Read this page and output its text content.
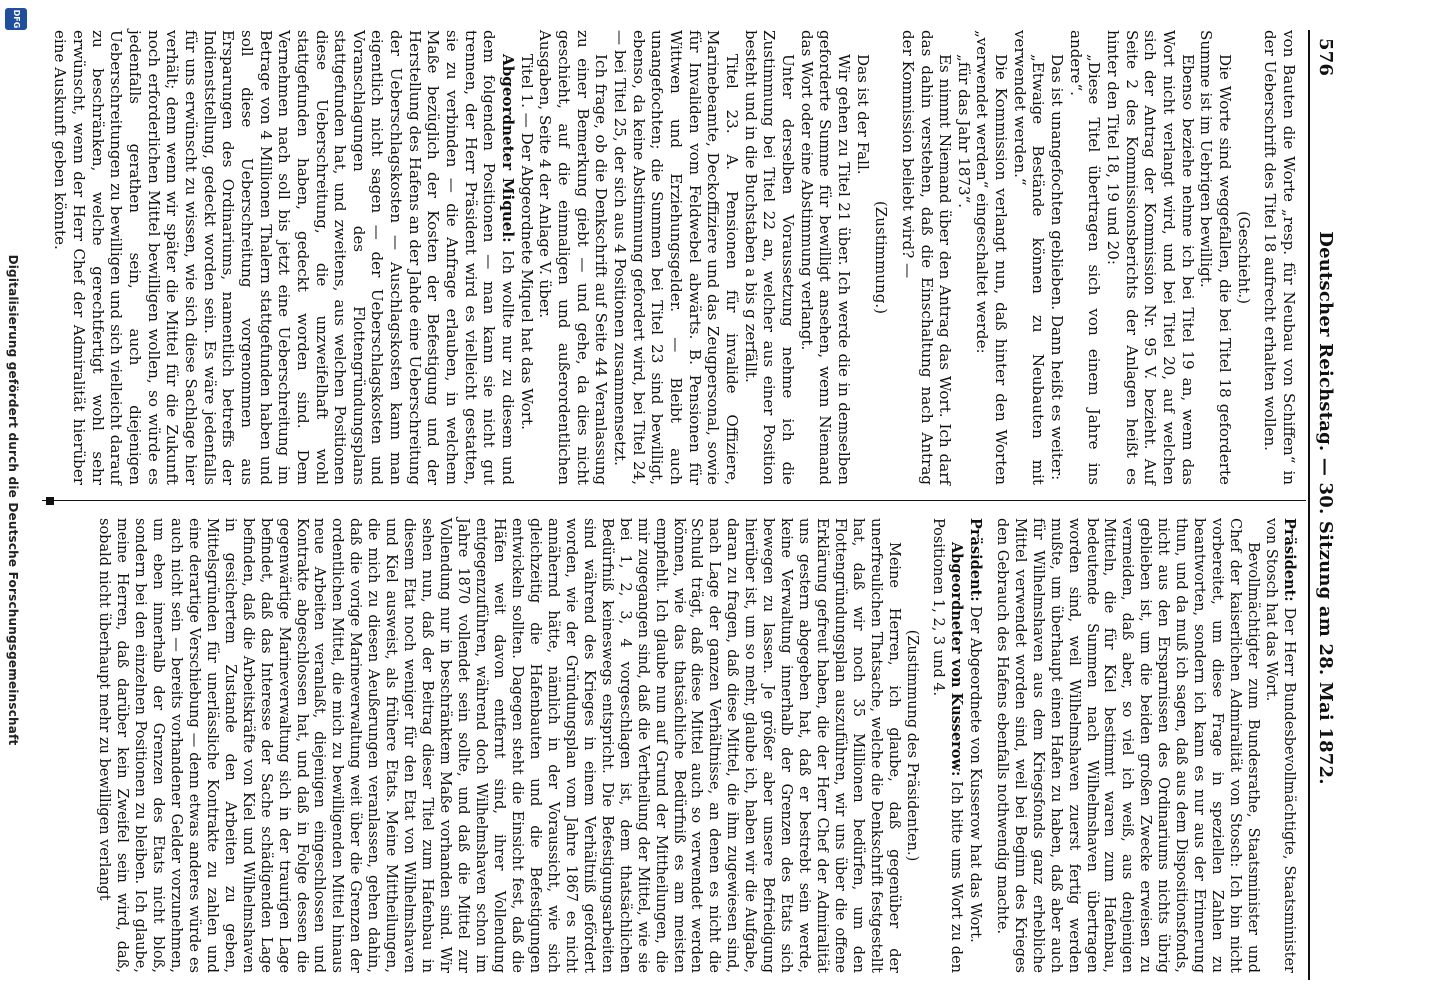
576
Deutscher Reichstag. — 30. Sitzung am 28. Mai 1872.

von Bauten die Worte „resp. für Neubau von Schiffen“ in der Ueberschrift des Titel 18 aufrecht erhalten wollen.

(Geschieht.)

Die Worte sind weggefallen, die bei Titel 18 geforderte Summe ist im Uebrigen bewilligt.

Ebenso beziehe nehme ich bei Titel 19 an, wenn das Wort nicht verlangt wird, und bei Titel 20, auf welchen sich der Antrag der Kommission Nr. 95 V. bezieht. Auf Seite 2 des Kommissionsberichts der Anlagen heißt es hinter den Titel 18, 19 und 20:

„Diese Titel übertragen sich von einem Jahre ins andere“.

Das ist unangefochten geblieben. Dann heißt es weiter:

„Etwaige Bestände können zu Neubauten mit verwendet werden.“

Die Kommission verlangt nun, daß hinter den Worten „verwendet werden“ eingeschaltet werde:

„für das Jahr 1873“.

Es nimmt Niemand über den Antrag das Wort. Ich darf das dahin verstehen, daß die Einschaltung nach Antrag der Kommission beliebt wird? —

(Zustimmung.)

Das ist der Fall.

Wir gehen zu Titel 21 über. Ich werde die in demselben geforderte Summe für bewilligt ansehen, wenn Niemand das Wort oder eine Abstimmung verlangt.

Unter derselben Voraussetzung nehme ich die Zustimmung bei Titel 22 an, welcher aus einer Position besteht und in die Buchstaben a bis g zerfällt.

Titel 23. A. Pensionen für invalide Offiziere, Marinebeamte, Deckoffiziere und das Zeugpersonal, sowie für Invaliden vom Feldwebel abwärts. B. Pensionen für Wittwen und Erziehungsgelder. — Bleibt auch unangefochten; die Summen bei Titel 23 sind bewilligt, ebenso, da keine Abstimmung gefordert wird, bei Titel 24, — bei Titel 25, der sich aus 4 Positionen zusammensetzt.

Ich frage, ob die Denkschrift auf Seite 44 Veranlassung zu einer Bemerkung giebt — und gehe, da dies nicht geschieht, auf die einmaligen und außerordentlichen Ausgaben, Seite 4 der Anlage V. über.

Titel 1. — Der Abgeordnete Miquel hat das Wort.

Abgeordneter Miquel: Ich wollte nur zu diesem und dem folgenden Positionen — man kann sie nicht gut trennen, der Herr Präsident wird es vielleicht gestatten, sie zu verbinden — die Anfrage erlauben, in welchem Maße bezüglich der Kosten der Befestigung und der Herstellung des Hafens an der Jahde eine Ueberschreitung der Ueberschlagskosten — Auschlagskosten kann man eigentlich nicht sagen — der Ueberschlagskosten und Voranschlagungen des Flottengründungsplans stattgefunden hat, und zweitens, aus welchen Positionen diese Ueberschreitung, die unzweifelhaft wohl stattgefunden haben, gedeckt worden sind. Dem Vernehmen nach soll bis jetzt eine Ueberschreitung im Betrage von 4 Millionen Thalern stattgefunden haben und soll diese Ueberschreitung vorgenommen aus Ersparungen des Ordinariums, namentlich betreffs der Indienststellung, gedeckt worden sein. Es wäre jedenfalls für uns erwünscht zu wissen, wie sich diese Sachlage hier verhält; denn wenn wir später die Mittel für die Zukunft noch erforderlichen Mittel bewilligen wollen, so würde es jedenfalls gerathen sein, auch diejenigen Ueberschreitungen zu bewilligen und sich vielleicht darauf zu beschränken, welche gerechtfertigt wohl sehr erwünscht, wenn der Herr Chef der Admiralität hierüber eine Auskunft geben könnte.

Präsident: Der Herr Bundesbevollmächtigte, Staatsminister von Stosch hat das Wort.

Bevollmächtigter zum Bundesrathe, Staatsminister und Chef der kaiserlichen Admiralität von Stosch: Ich bin nicht vorbereitet, um diese Frage in speziellen Zahlen zu beantworten, sondern ich kann es nur aus der Erinnerung thun, und da muß ich sagen, daß aus dem Dispositionsfonds, nicht aus den Ersparnissen des Ordinariums nichts übrig geblieben ist, um die beiden großen Zwecke erweisen zu vermeiden, daß aber, so viel ich weiß, aus denjenigen Mitteln, die für Kiel bestimmt waren zum Hafenbau, bedeutende Summen nach Wilhelmshaven übertragen worden sind, weil Wilhelmshaven zuerst fertig werden mußte, um überhaupt einen Hafen zu haben, daß aber auch für Wilhelmshaven aus dem Kriegsfonds ganz erhebliche Mittel verwendet worden sind, weil bei Beginn des Krieges den Gebrauch des Hafens ebenfalls nothwendig machte.

Präsident: Der Abgeordnete von Kusserow hat das Wort.

Abgeordneter von Kusserow: Ich bitte ums Wort zu den Positionen 1, 2, 3 und 4.

(Zustimmung des Präsidenten.)

Meine Herren, ich glaube, daß gegenüber der unerfreulichen Thatsache, welche die Denkschrift festgestellt hat, daß wir noch 35 Millionen bedürfen, um den Flottengründungsplan auszuführen, wir uns über die offene Erklärung gefreut haben, die der Herr Chef der Admiralität uns gestern abgegeben hat, daß er bestrebt sein werde, keine Verwaltung innerhalb der Grenzen des Etats sich bewegen zu lassen. Je größer aber unsere Befriedigung hierüber ist, um so mehr, glaube ich, haben wir die Aufgabe, daran zu fragen, daß diese Mittel, die ihm zugewiesen sind, nach Lage der ganzen Verhältnisse, an denen es nicht die Schuld trägt, daß diese Mittel auch so verwendet werden können, wie das thatsächliche Bedürfniß es am meisten empfiehlt. Ich glaube nun auf Grund der Mittheilungen, die mir zugegangen sind, daß die Vertheilung der Mittel, wie sie bei 1, 2, 3, 4 vorgeschlagen ist, dem thatsächlichen Bedürfniß keineswegs entspricht. Die Befestigungsarbeiten sind während des Krieges in einem Verhältniß gefördert worden, wie der Gründungsplan vom Jahre 1867 es nicht annähernd hätte, nämlich in der Voraussicht, wie sich gleichzeitig die Hafenbauten und die Befestigungen entwickeln sollten. Dagegen steht die Einsicht fest, daß die Häfen weit davon entfernt sind, ihrer Vollendung entgegenzuführen, während doch Wilhelmshaven schon im Jahre 1870 vollendet sein sollte, und daß die Mittel zur Vollendung nur in beschränktem Maße vorhanden sind. Wir sehen nun, daß der Beitrag dieser Titel zum Hafenbau in diesem Etat noch weniger für den Etat von Wilhelmshaven und Kiel ausweist, als frühere Etats. Meine Mittheilungen, die mich zu diesen Aeußerungen veranlassen, gehen dahin, daß die vorige Marineverwaltung weit über die Grenzen der ordentlichen Mittel, die mich zu bewilligenden Mittel hinaus neue Arbeiten veranlaßt, diejenigen eingeschlossen und Kontrakte abgeschlossen hat, und daß in Folge dessen die gegenwärtige Marineverwaltung sich in der traurigen Lage befindet, daß das Interesse der Sache schädigenden Lage befinden, daß die Arbeitskräfte von Kiel und Wilhelmshaven in gesichertem Zustande den Arbeiten zu geben, Mittelsgründen für unerlässliche Kontrakte zu zahlen und eine derartige Verschiebung — denn etwas anderes würde es auch nicht sein — bereits vorhandener Gelder vorzunehmen, um eben innerhalb der Grenzen des Etats nicht bloß, sondern bei den einzelnen Positionen zu bleiben. Ich glaube, meine Herren, daß darüber kein Zweifel sein wird, daß, sobald nicht überhaupt mehr zu bewilligen verlangt

DFG
Digitalisierung gefördert durch die Deutsche Forschungsgemeinschaft
